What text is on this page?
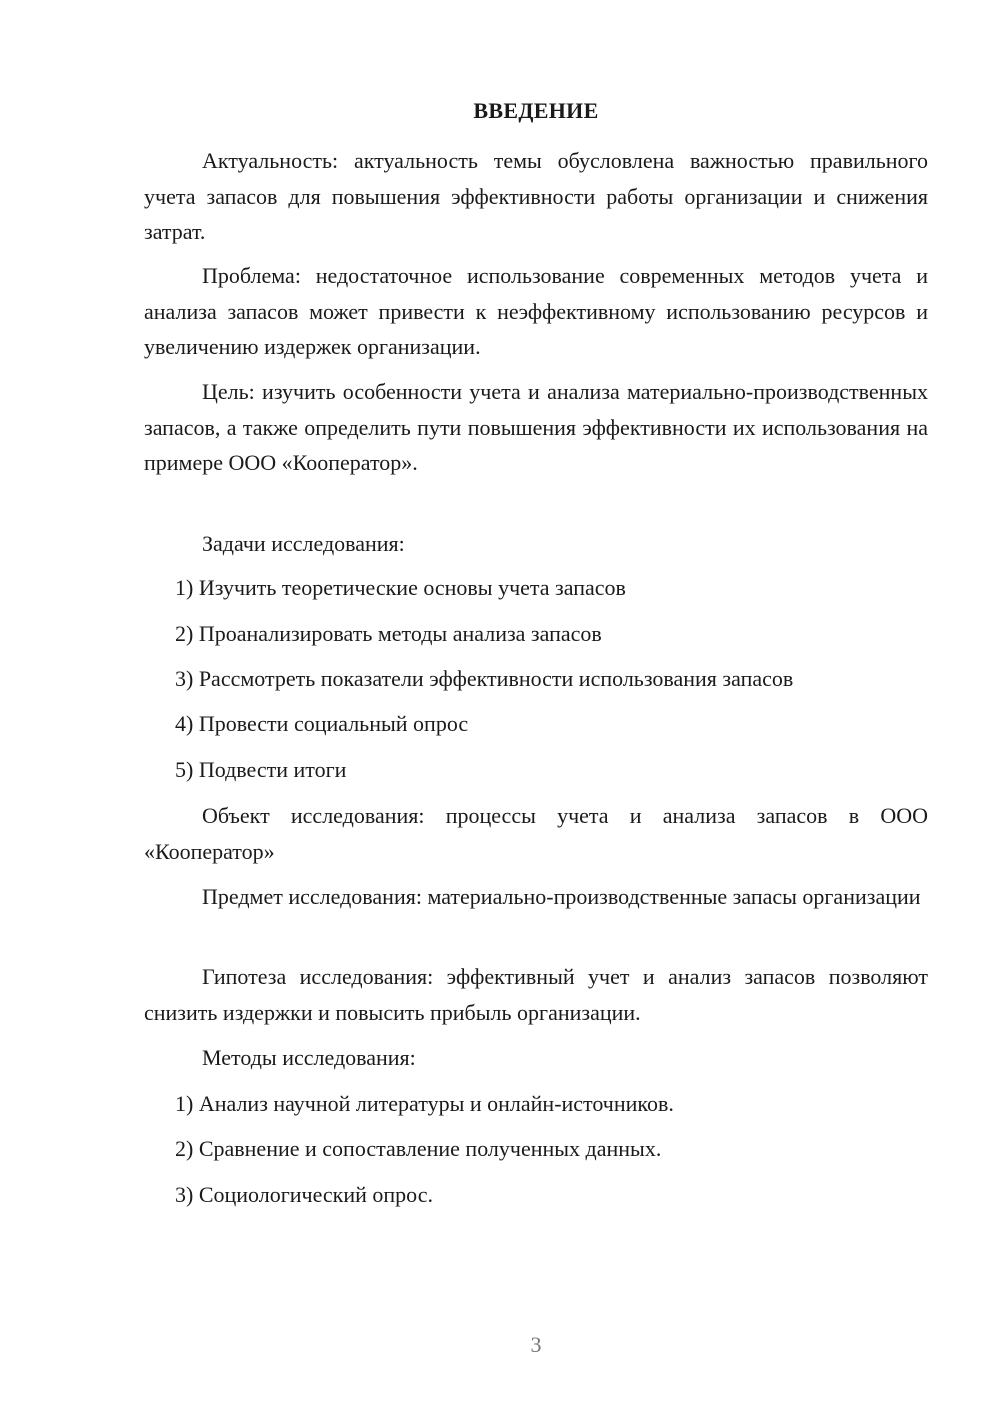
ВВЕДЕНИЕ

Актуальность: актуальность темы обусловлена важностью правильного учета запасов для повышения эффективности работы организации и снижения затрат.

Проблема: недостаточное использование современных методов учета и анализа запасов может привести к неэффективному использованию ресурсов и увеличению издержек организации.

Цель: изучить особенности учета и анализа материально-производственных запасов, а также определить пути повышения эффективности их использования на примере ООО «Кооператор».

Задачи исследования:
1) Изучить теоретические основы учета запасов
2) Проанализировать методы анализа запасов
3) Рассмотреть показатели эффективности использования запасов
4) Провести социальный опрос
5) Подвести итоги

Объект исследования: процессы учета и анализа запасов в ООО «Кооператор»

Предмет исследования: материально-производственные запасы организации

Гипотеза исследования: эффективный учет и анализ запасов позволяют снизить издержки и повысить прибыль организации.

Методы исследования:
1) Анализ научной литературы и онлайн-источников.
2) Сравнение и сопоставление полученных данных.
3) Социологический опрос.
3
